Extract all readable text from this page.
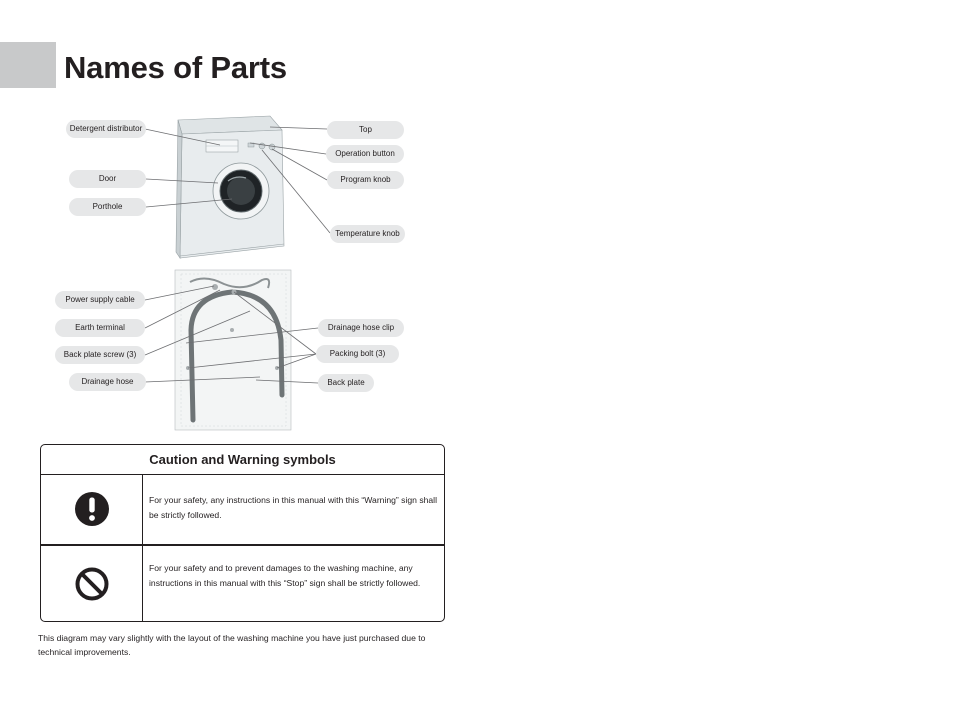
Names of Parts
Detergent distributor
Door
Porthole
Top
Operation button
Program knob
Temperature knob
Power supply cable
Earth terminal
Back plate screw (3)
Drainage hose
Drainage hose clip
Packing bolt (3)
Back plate
Caution and Warning symbols
For your safety, any instructions in this manual with this “Warning” sign shall be strictly followed.
For your safety and to prevent damages to the washing machine, any instructions in this manual with this “Stop” sign shall be strictly followed.
This diagram may vary slightly with the layout of the washing machine you have just purchased due to technical improvements.
